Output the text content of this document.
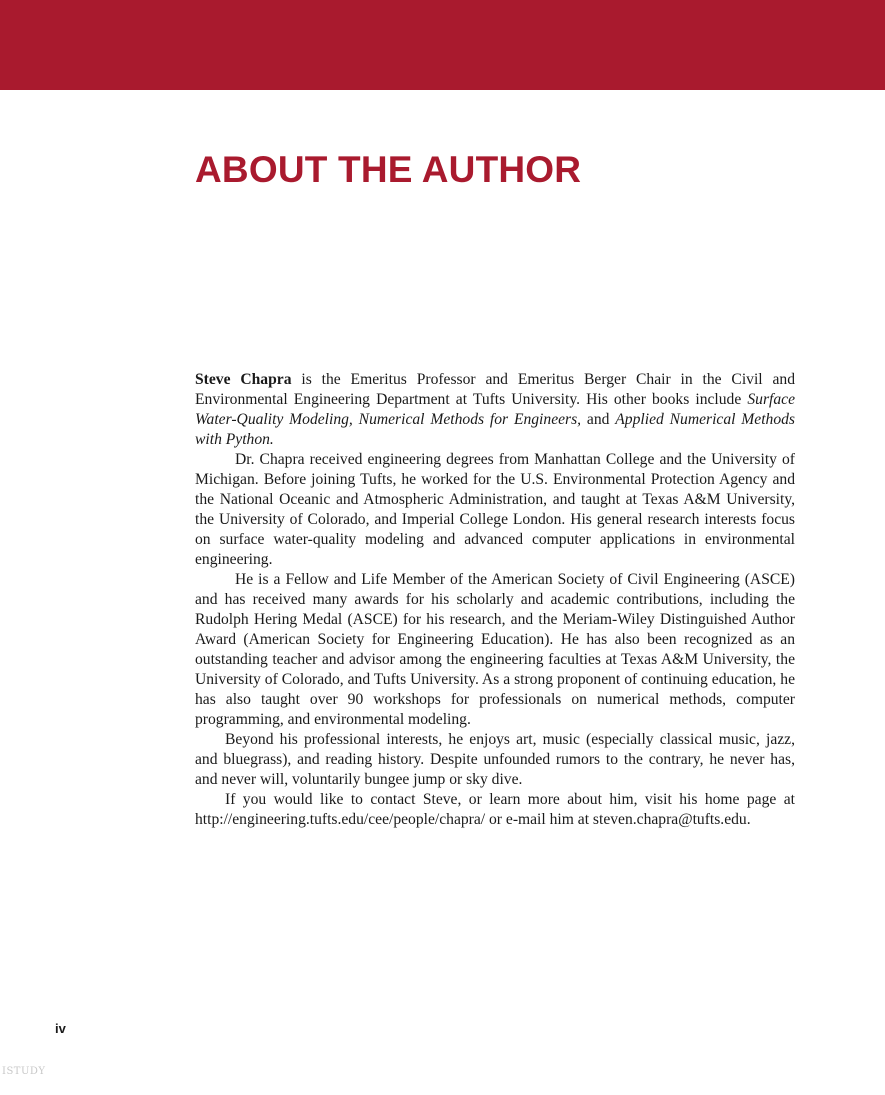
ABOUT THE AUTHOR

Steve Chapra is the Emeritus Professor and Emeritus Berger Chair in the Civil and Environmental Engineering Department at Tufts University. His other books include Surface Water-Quality Modeling, Numerical Methods for Engineers, and Applied Numerical Methods with Python.

Dr. Chapra received engineering degrees from Manhattan College and the University of Michigan. Before joining Tufts, he worked for the U.S. Environmental Protection Agency and the National Oceanic and Atmospheric Administration, and taught at Texas A&M University, the University of Colorado, and Imperial College London. His general research interests focus on surface water-quality modeling and advanced computer applications in environmental engineering.

He is a Fellow and Life Member of the American Society of Civil Engineering (ASCE) and has received many awards for his scholarly and academic contributions, including the Rudolph Hering Medal (ASCE) for his research, and the Meriam-Wiley Distinguished Author Award (American Society for Engineering Education). He has also been recognized as an outstanding teacher and advisor among the engineering faculties at Texas A&M University, the University of Colorado, and Tufts University. As a strong proponent of continuing education, he has also taught over 90 workshops for professionals on numerical methods, computer programming, and environmental modeling.

Beyond his professional interests, he enjoys art, music (especially classical music, jazz, and bluegrass), and reading history. Despite unfounded rumors to the contrary, he never has, and never will, voluntarily bungee jump or sky dive.

If you would like to contact Steve, or learn more about him, visit his home page at http://engineering.tufts.edu/cee/people/chapra/ or e-mail him at steven.chapra@tufts.edu.

iv
ISTUDY
